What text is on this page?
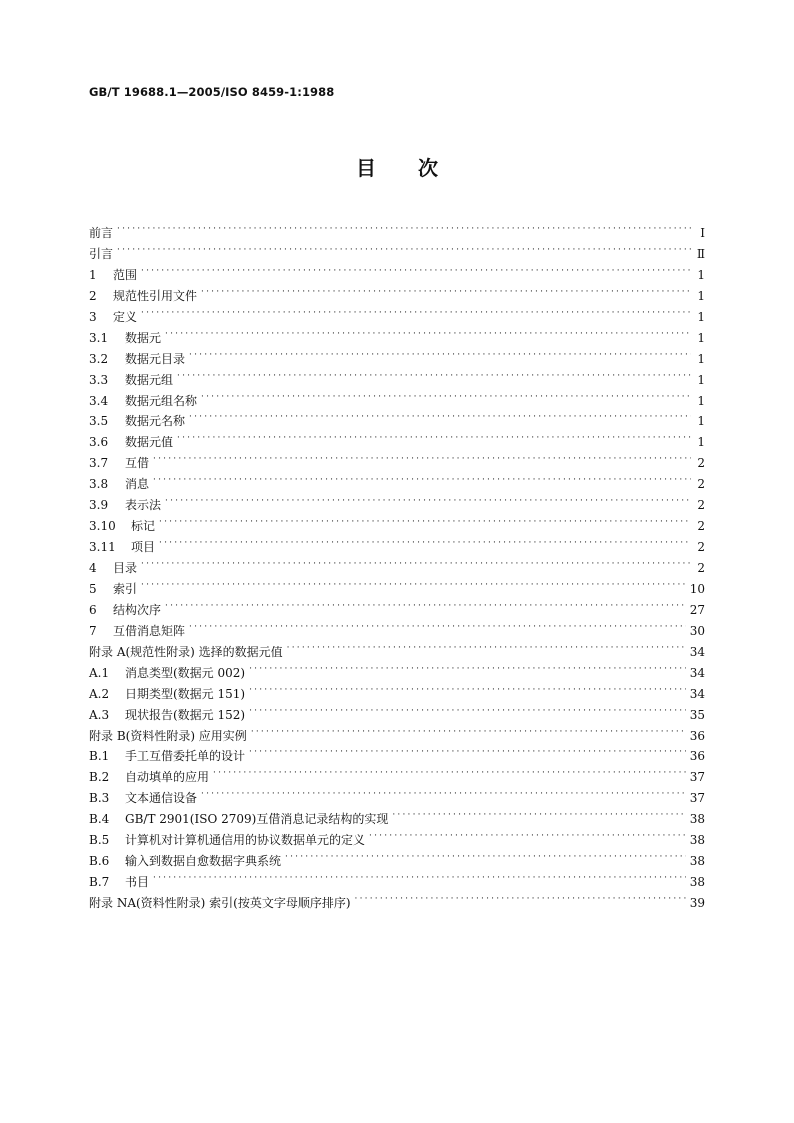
GB/T 19688.1—2005/ISO 8459-1:1988
目次
前言 ·····	Ⅰ
引言 ·····	Ⅱ
1	范围 ·····	1
2	规范性引用文件 ·····	1
3	定义 ·····	1
3.1	数据元 ·····	1
3.2	数据元目录 ·····	1
3.3	数据元组 ·····	1
3.4	数据元组名称 ·····	1
3.5	数据元名称 ·····	1
3.6	数据元值 ·····	1
3.7	互借 ·····	2
3.8	消息 ·····	2
3.9	表示法 ·····	2
3.10	标记 ·····	2
3.11	项目 ·····	2
4	目录 ·····	2
5	索引 ·····	10
6	结构次序 ·····	27
7	互借消息矩阵 ·····	30
附录 A(规范性附录) 选择的数据元值 ·····	34
A.1	消息类型(数据元 002) ·····	34
A.2	日期类型(数据元 151) ·····	34
A.3	现状报告(数据元 152) ·····	35
附录 B(资料性附录) 应用实例 ·····	36
B.1	手工互借委托单的设计 ·····	36
B.2	自动填单的应用 ·····	37
B.3	文本通信设备 ·····	37
B.4	GB/T 2901(ISO 2709)互借消息记录结构的实现 ·····	38
B.5	计算机对计算机通信用的协议数据单元的定义 ·····	38
B.6	输入到数据自愈数据字典系统 ·····	38
B.7	书目 ·····	38
附录 NA(资料性附录) 索引(按英文字母顺序排序) ·····	39
